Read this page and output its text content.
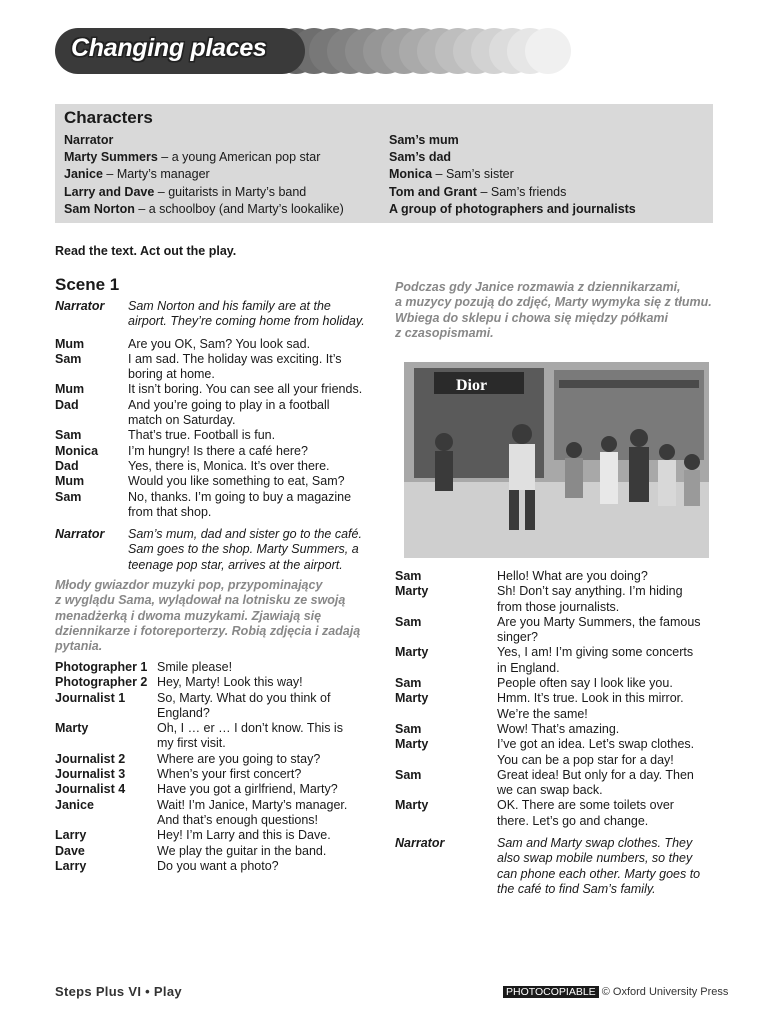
Changing places
Characters
Narrator
Marty Summers – a young American pop star
Janice – Marty’s manager
Larry and Dave – guitarists in Marty’s band
Sam Norton – a schoolboy (and Marty’s lookalike)
Sam’s mum
Sam’s dad
Monica – Sam’s sister
Tom and Grant – Sam’s friends
A group of photographers and journalists
Read the text. Act out the play.
Scene 1
Narrator	Sam Norton and his family are at the
airport. They’re coming home from holiday.
Mum	Are you OK, Sam? You look sad.
Sam	I am sad. The holiday was exciting. It’s
boring at home.
Mum	It isn’t boring. You can see all your friends.
Dad	And you’re going to play in a football
match on Saturday.
Sam	That’s true. Football is fun.
Monica	I’m hungry! Is there a café here?
Dad	Yes, there is, Monica. It’s over there.
Mum	Would you like something to eat, Sam?
Sam	No, thanks. I’m going to buy a magazine
from that shop.
Narrator	Sam’s mum, dad and sister go to the café.
Sam goes to the shop. Marty Summers, a
teenage pop star, arrives at the airport.
Młody gwiazdor muzyki pop, przypominający
z wyglądu Sama, wylądował na lotnisku ze swoją
menadżerką i dwoma muzykami. Zjawiają się
dziennikarze i fotoreporterzy. Robią zdjęcia i zadają
pytania.
Photographer 1 Smile please!
Photographer 2 Hey, Marty! Look this way!
Journalist 1	So, Marty. What do you think of
England?
Marty	Oh, I … er … I don’t know. This is
my first visit.
Journalist 2	Where are you going to stay?
Journalist 3	When’s your first concert?
Journalist 4	Have you got a girlfriend, Marty?
Janice	Wait! I’m Janice, Marty’s manager.
And that’s enough questions!
Larry	Hey! I’m Larry and this is Dave.
Dave	We play the guitar in the band.
Larry	Do you want a photo?
Podczas gdy Janice rozmawia z dziennikarzami,
a muzycy pozują do zdjęć, Marty wymyka się z tłumu.
Wbiega do sklepu i chowa się między półkami
z czasopismami.
Dior
Sam	Hello! What are you doing?
Marty	Sh! Don’t say anything. I’m hiding
from those journalists.
Sam	Are you Marty Summers, the famous
singer?
Marty	Yes, I am! I’m giving some concerts
in England.
Sam	People often say I look like you.
Marty	Hmm. It’s true. Look in this mirror.
We’re the same!
Sam	Wow! That’s amazing.
Marty	I’ve got an idea. Let’s swap clothes.
You can be a pop star for a day!
Sam	Great idea! But only for a day. Then
we can swap back.
Marty	OK. There are some toilets over
there. Let’s go and change.
Narrator	Sam and Marty swap clothes. They
also swap mobile numbers, so they
can phone each other. Marty goes to
the café to find Sam’s family.
Steps Plus VI • Play	PHOTOCOPIABLE © Oxford University Press
